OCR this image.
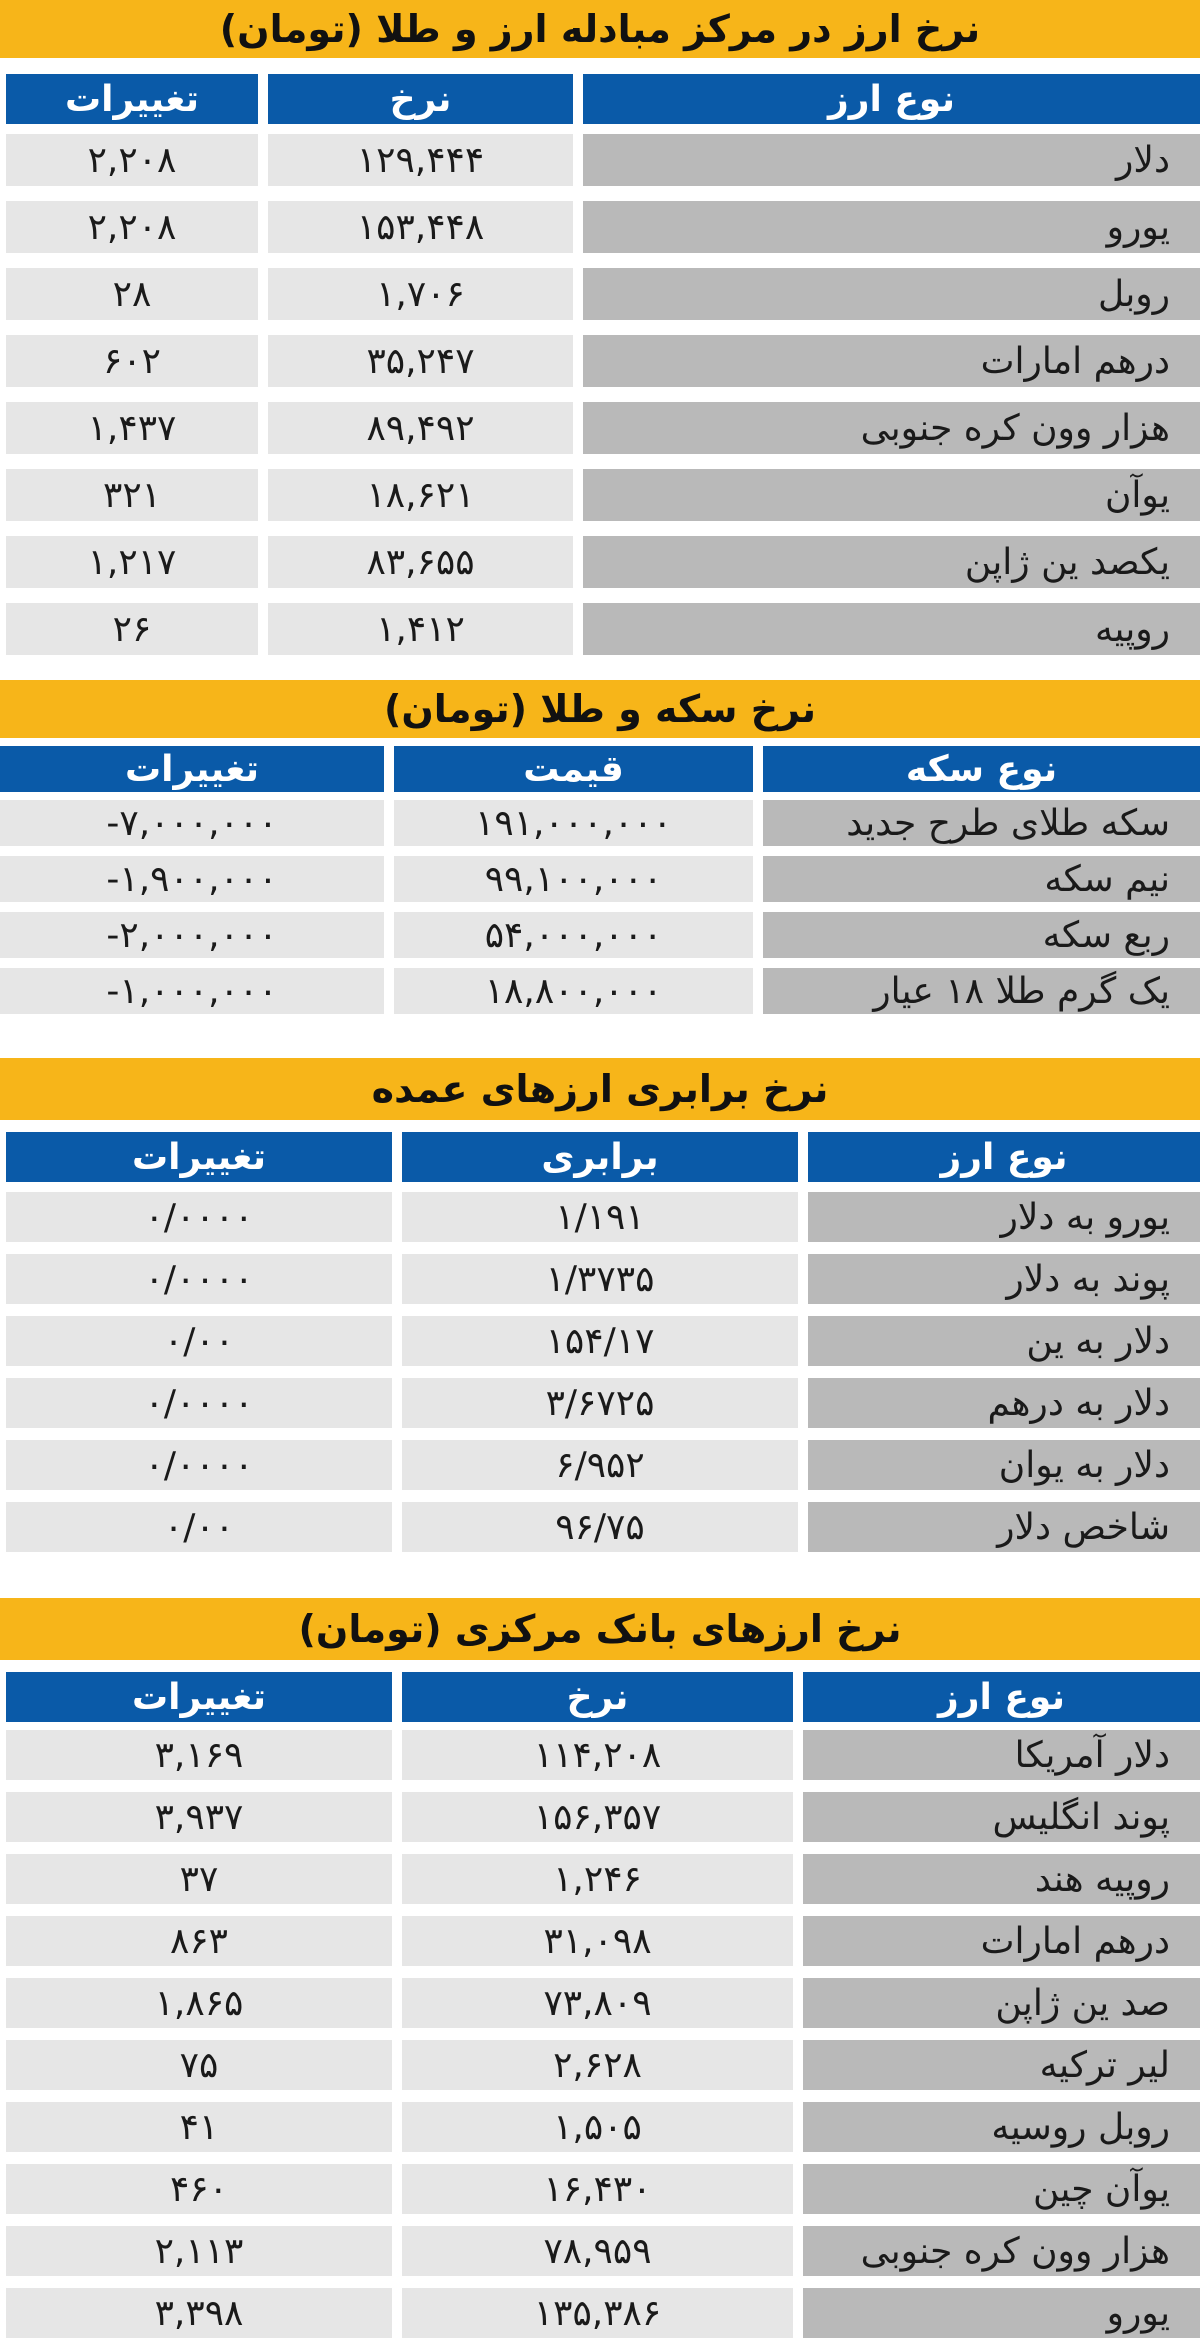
نرخ ارز در مرکز مبادله ارز و طلا (تومان)
نوع ارز
نرخ
تغییرات
دلار
۱۲۹,۴۴۴
۲,۲۰۸
یورو
۱۵۳,۴۴۸
۲,۲۰۸
روبل
۱,۷۰۶
۲۸
درهم امارات
۳۵,۲۴۷
۶۰۲
هزار وون کره جنوبی
۸۹,۴۹۲
۱,۴۳۷
یوآن
۱۸,۶۲۱
۳۲۱
یکصد ین ژاپن
۸۳,۶۵۵
۱,۲۱۷
روپیه
۱,۴۱۲
۲۶
نرخ سکه و طلا (تومان)
نوع سکه
قیمت
تغییرات
سکه طلای طرح جدید
۱۹۱,۰۰۰,۰۰۰
-۷,۰۰۰,۰۰۰
نیم سکه
۹۹,۱۰۰,۰۰۰
-۱,۹۰۰,۰۰۰
ربع سکه
۵۴,۰۰۰,۰۰۰
-۲,۰۰۰,۰۰۰
یک گرم طلا ۱۸ عیار
۱۸,۸۰۰,۰۰۰
-۱,۰۰۰,۰۰۰
نرخ برابری ارزهای عمده
نوع ارز
برابری
تغییرات
یورو به دلار
۱/۱۹۱
۰/۰۰۰۰
پوند به دلار
۱/۳۷۳۵
۰/۰۰۰۰
دلار به ین
۱۵۴/۱۷
۰/۰۰
دلار به درهم
۳/۶۷۲۵
۰/۰۰۰۰
دلار به یوان
۶/۹۵۲
۰/۰۰۰۰
شاخص دلار
۹۶/۷۵
۰/۰۰
نرخ ارزهای بانک مرکزی (تومان)
نوع ارز
نرخ
تغییرات
دلار آمریکا
۱۱۴,۲۰۸
۳,۱۶۹
پوند انگلیس
۱۵۶,۳۵۷
۳,۹۳۷
روپیه هند
۱,۲۴۶
۳۷
درهم امارات
۳۱,۰۹۸
۸۶۳
صد ین ژاپن
۷۳,۸۰۹
۱,۸۶۵
لیر ترکیه
۲,۶۲۸
۷۵
روبل روسیه
۱,۵۰۵
۴۱
یوآن چین
۱۶,۴۳۰
۴۶۰
هزار وون کره جنوبی
۷۸,۹۵۹
۲,۱۱۳
یورو
۱۳۵,۳۸۶
۳,۳۹۸
